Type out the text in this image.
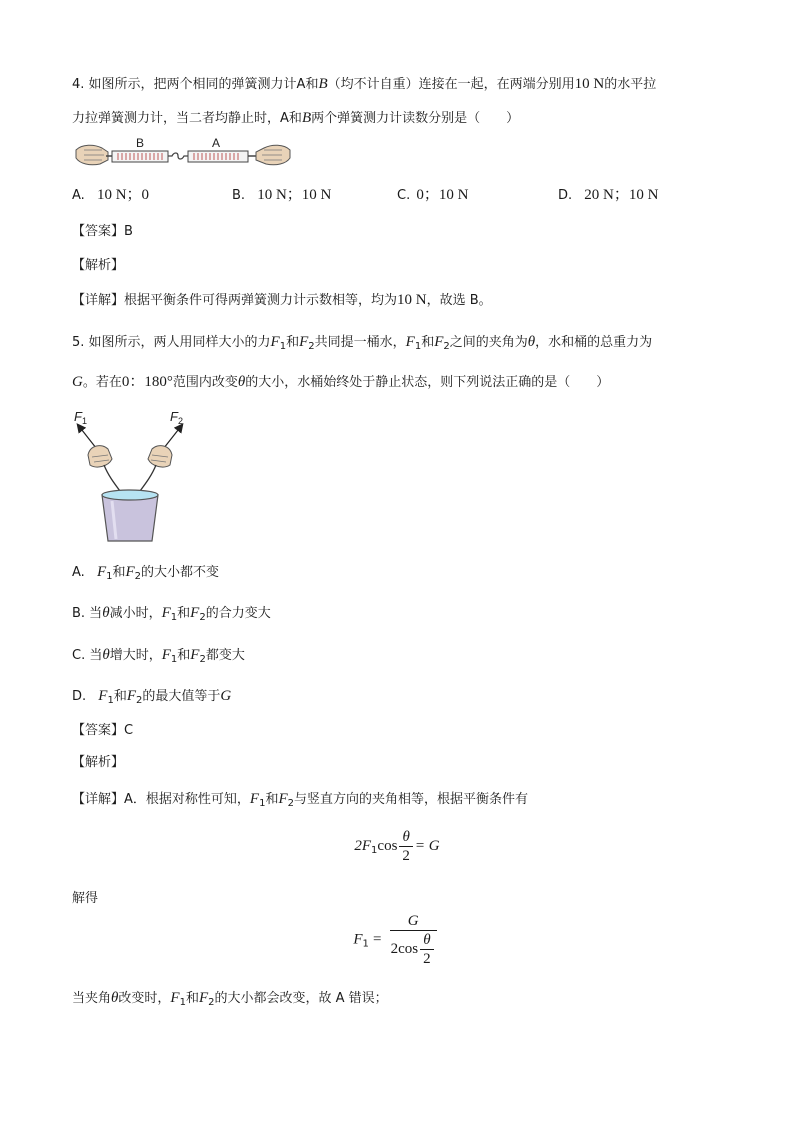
4. 如图所示，把两个相同的弹簧测力计A和B（均不计自重）连接在一起，在两端分别用10 N的水平拉
力拉弹簧测力计，当二者均静止时，A和B两个弹簧测力计读数分别是（　　）
B	A
A. 10 N；0	B. 10 N；10 N	C. 0；10 N	D. 20 N；10 N
【答案】B
【解析】
【详解】根据平衡条件可得两弹簧测力计示数相等，均为10 N，故选 B。
5. 如图所示，两人用同样大小的力$F_1$和$F_2$共同提一桶水，$F_1$和$F_2$之间的夹角为θ，水和桶的总重力为
G。若在0：180°范围内改变θ的大小，水桶始终处于静止状态，则下列说法正确的是（　　）
$F_1$	$F_2$
A. $F_1$和$F_2$的大小都不变
B. 当θ减小时，$F_1$和$F_2$的合力变大
C. 当θ增大时，$F_1$和$F_2$都变大
D. $F_1$和$F_2$的最大值等于G
【答案】C
【解析】
【详解】A．根据对称性可知，$F_1$和$F_2$与竖直方向的夹角相等，根据平衡条件有
$2F_1\cos \frac{\theta}{2} = G$
解得
$F_1 = \frac{G}{2\cos \frac{\theta}{2}}$
当夹角θ改变时，$F_1$和$F_2$的大小都会改变，故 A 错误；
